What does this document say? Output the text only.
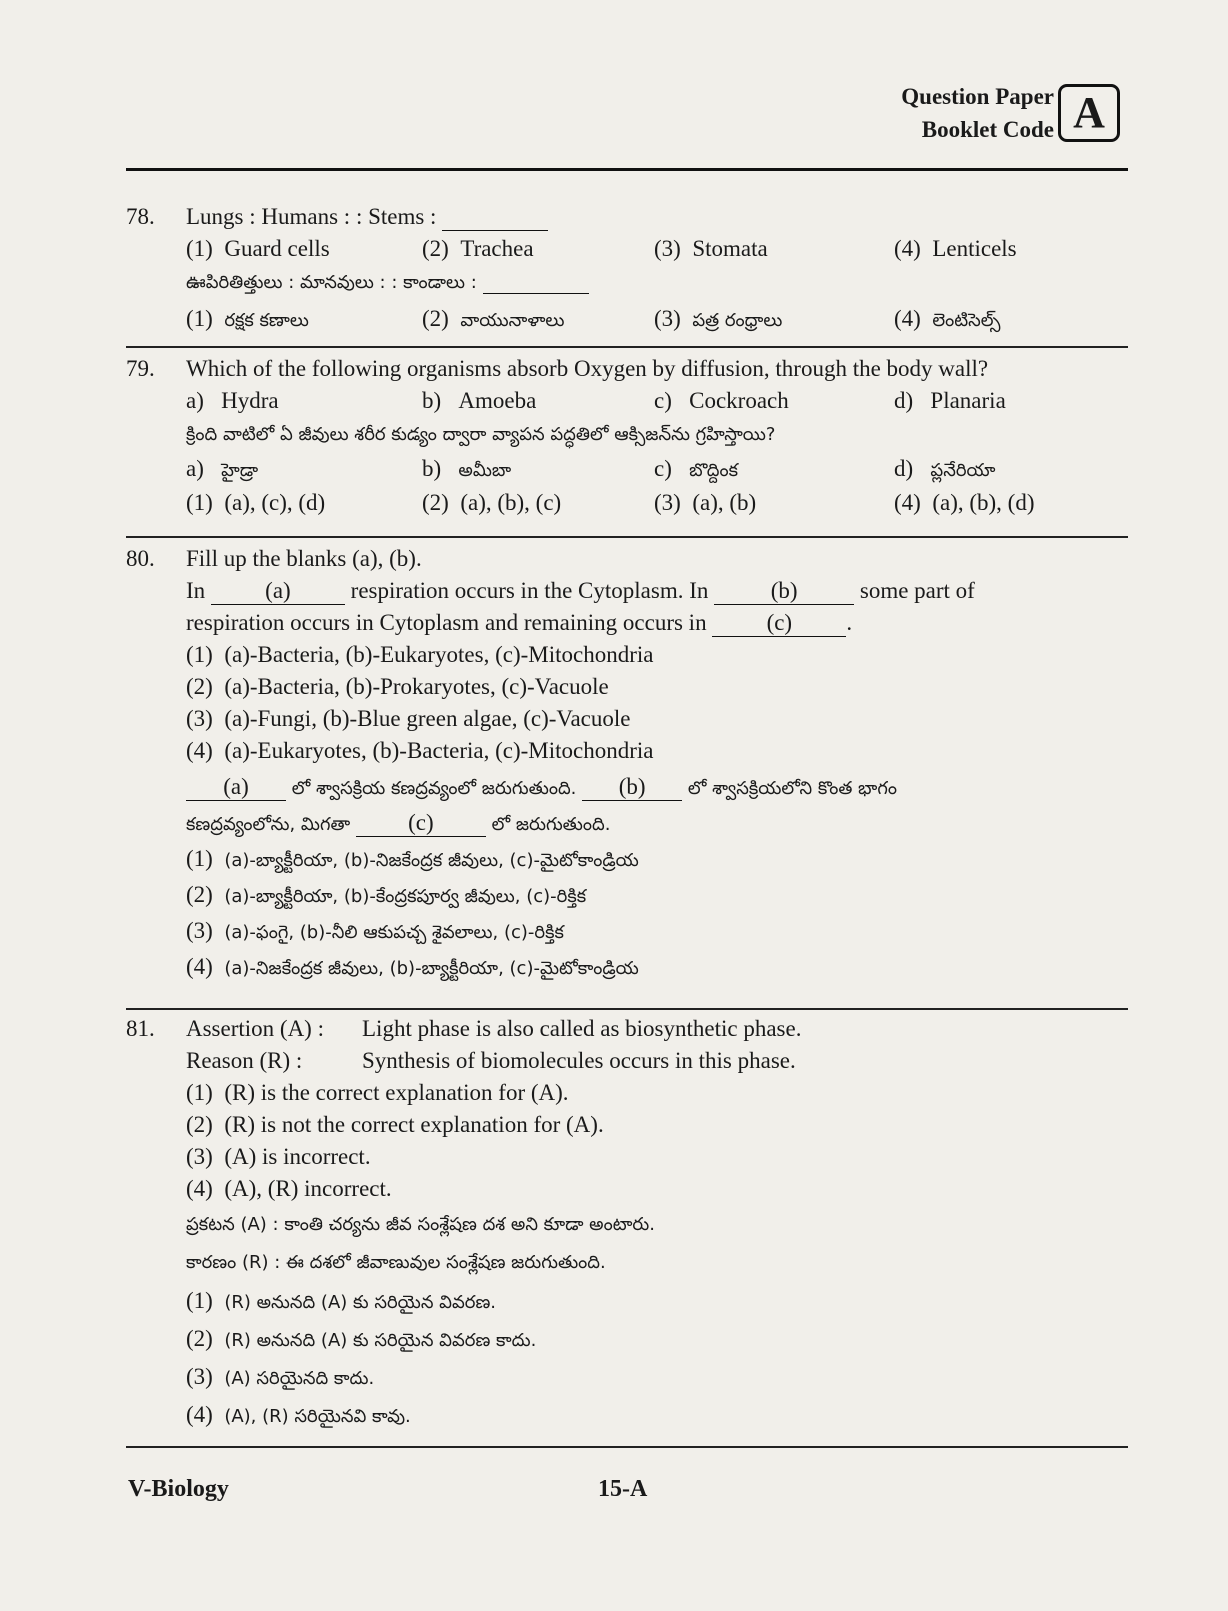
Question Paper
Booklet Code A
78. Lungs : Humans : : Stems :
(1) Guard cells	(2) Trachea	(3) Stomata	(4) Lenticels
ఊపిరితిత్తులు : మానవులు : : కాండాలు :
(1) రక్షక కణాలు	(2) వాయునాళాలు	(3) పత్ర రంధ్రాలు	(4) లెంటిసెల్స్
79. Which of the following organisms absorb Oxygen by diffusion, through the body wall?
a) Hydra	b) Amoeba	c) Cockroach	d) Planaria
క్రింది వాటిలో ఏ జీవులు శరీర కుడ్యం ద్వారా వ్యాపన పద్ధతిలో ఆక్సిజన్‌ను గ్రహిస్తాయి?
a) హైడ్రా	b) అమీబా	c) బొద్దింక	d) ప్లనేరియా
(1) (a), (c), (d)	(2) (a), (b), (c)	(3) (a), (b)	(4) (a), (b), (d)
80. Fill up the blanks (a), (b).
In	(a)	respiration occurs in the Cytoplasm. In	(b)	some part of
respiration occurs in Cytoplasm and remaining occurs in	(c) .
(1) (a)-Bacteria, (b)-Eukaryotes, (c)-Mitochondria
(2) (a)-Bacteria, (b)-Prokaryotes, (c)-Vacuole
(3) (a)-Fungi, (b)-Blue green algae, (c)-Vacuole
(4) (a)-Eukaryotes, (b)-Bacteria, (c)-Mitochondria
(a) లో శ్వాసక్రియ కణద్రవ్యంలో జరుగుతుంది. (b) లో శ్వాసక్రియలోని కొంత భాగం
కణద్రవ్యంలోను, మిగతా	(c)	లో జరుగుతుంది.
(1) (a)-బ్యాక్టీరియా, (b)-నిజకేంద్రక జీవులు, (c)-మైటోకాండ్రియ
(2) (a)-బ్యాక్టీరియా, (b)-కేంద్రకపూర్వ జీవులు, (c)-రిక్తిక
(3) (a)-ఫంగై, (b)-నీలి ఆకుపచ్చ శైవలాలు, (c)-రిక్తిక
(4) (a)-నిజకేంద్రక జీవులు, (b)-బ్యాక్టీరియా, (c)-మైటోకాండ్రియ
81. Assertion (A) : Light phase is also called as biosynthetic phase.
Reason (R) :	Synthesis of biomolecules occurs in this phase.
(1) (R) is the correct explanation for (A).
(2) (R) is not the correct explanation for (A).
(3) (A) is incorrect.
(4) (A), (R) incorrect.
ప్రకటన (A) : కాంతి చర్యను జీవ సంశ్లేషణ దశ అని కూడా అంటారు.
కారణం (R) : ఈ దశలో జీవాణువుల సంశ్లేషణ జరుగుతుంది.
(1) (R) అనునది (A) కు సరియైన వివరణ.
(2) (R) అనునది (A) కు సరియైన వివరణ కాదు.
(3) (A) సరియైనది కాదు.
(4) (A), (R) సరియైనవి కావు.
V-Biology	15-A
